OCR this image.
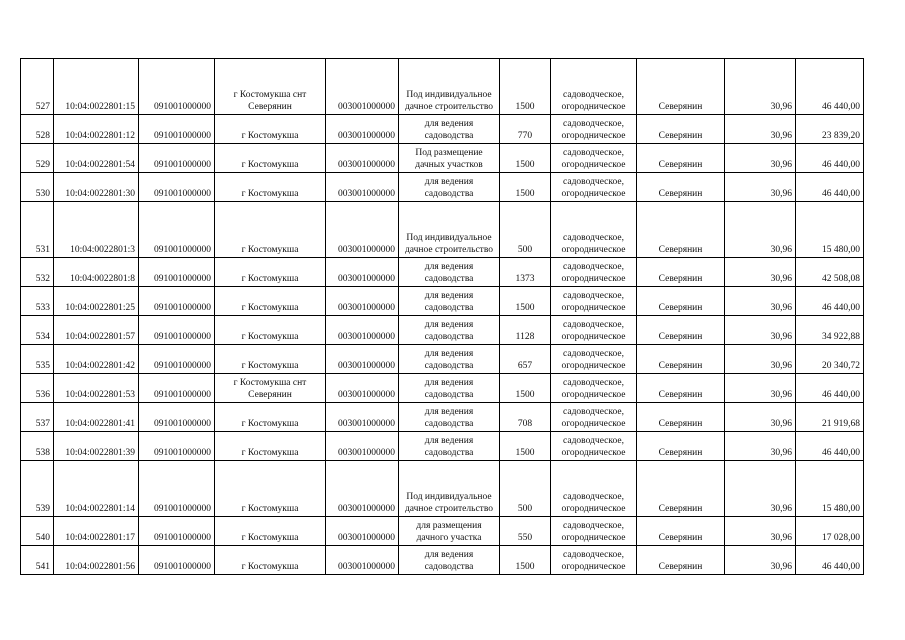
527	10:04:0022801:15	091001000000	г Костомукша снт Северянин	003001000000	Под индивидуальное дачное строительство	1500	садоводческое, огородническое	Северянин	30,96	46 440,00
528	10:04:0022801:12	091001000000	г Костомукша	003001000000	для ведения садоводства	770	садоводческое, огородническое	Северянин	30,96	23 839,20
529	10:04:0022801:54	091001000000	г Костомукша	003001000000	Под размещение дачных участков	1500	садоводческое, огородническое	Северянин	30,96	46 440,00
530	10:04:0022801:30	091001000000	г Костомукша	003001000000	для ведения садоводства	1500	садоводческое, огородническое	Северянин	30,96	46 440,00
531	10:04:0022801:3	091001000000	г Костомукша	003001000000	Под индивидуальное дачное строительство	500	садоводческое, огородническое	Северянин	30,96	15 480,00
532	10:04:0022801:8	091001000000	г Костомукша	003001000000	для ведения садоводства	1373	садоводческое, огородническое	Северянин	30,96	42 508,08
533	10:04:0022801:25	091001000000	г Костомукша	003001000000	для ведения садоводства	1500	садоводческое, огородническое	Северянин	30,96	46 440,00
534	10:04:0022801:57	091001000000	г Костомукша	003001000000	для ведения садоводства	1128	садоводческое, огородническое	Северянин	30,96	34 922,88
535	10:04:0022801:42	091001000000	г Костомукша	003001000000	для ведения садоводства	657	садоводческое, огородническое	Северянин	30,96	20 340,72
536	10:04:0022801:53	091001000000	г Костомукша снт Северянин	003001000000	для ведения садоводства	1500	садоводческое, огородническое	Северянин	30,96	46 440,00
537	10:04:0022801:41	091001000000	г Костомукша	003001000000	для ведения садоводства	708	садоводческое, огородническое	Северянин	30,96	21 919,68
538	10:04:0022801:39	091001000000	г Костомукша	003001000000	для ведения садоводства	1500	садоводческое, огородническое	Северянин	30,96	46 440,00
539	10:04:0022801:14	091001000000	г Костомукша	003001000000	Под индивидуальное дачное строительство	500	садоводческое, огородническое	Северянин	30,96	15 480,00
540	10:04:0022801:17	091001000000	г Костомукша	003001000000	для размещения дачного участка	550	садоводческое, огородническое	Северянин	30,96	17 028,00
541	10:04:0022801:56	091001000000	г Костомукша	003001000000	для ведения садоводства	1500	садоводческое, огородническое	Северянин	30,96	46 440,00
